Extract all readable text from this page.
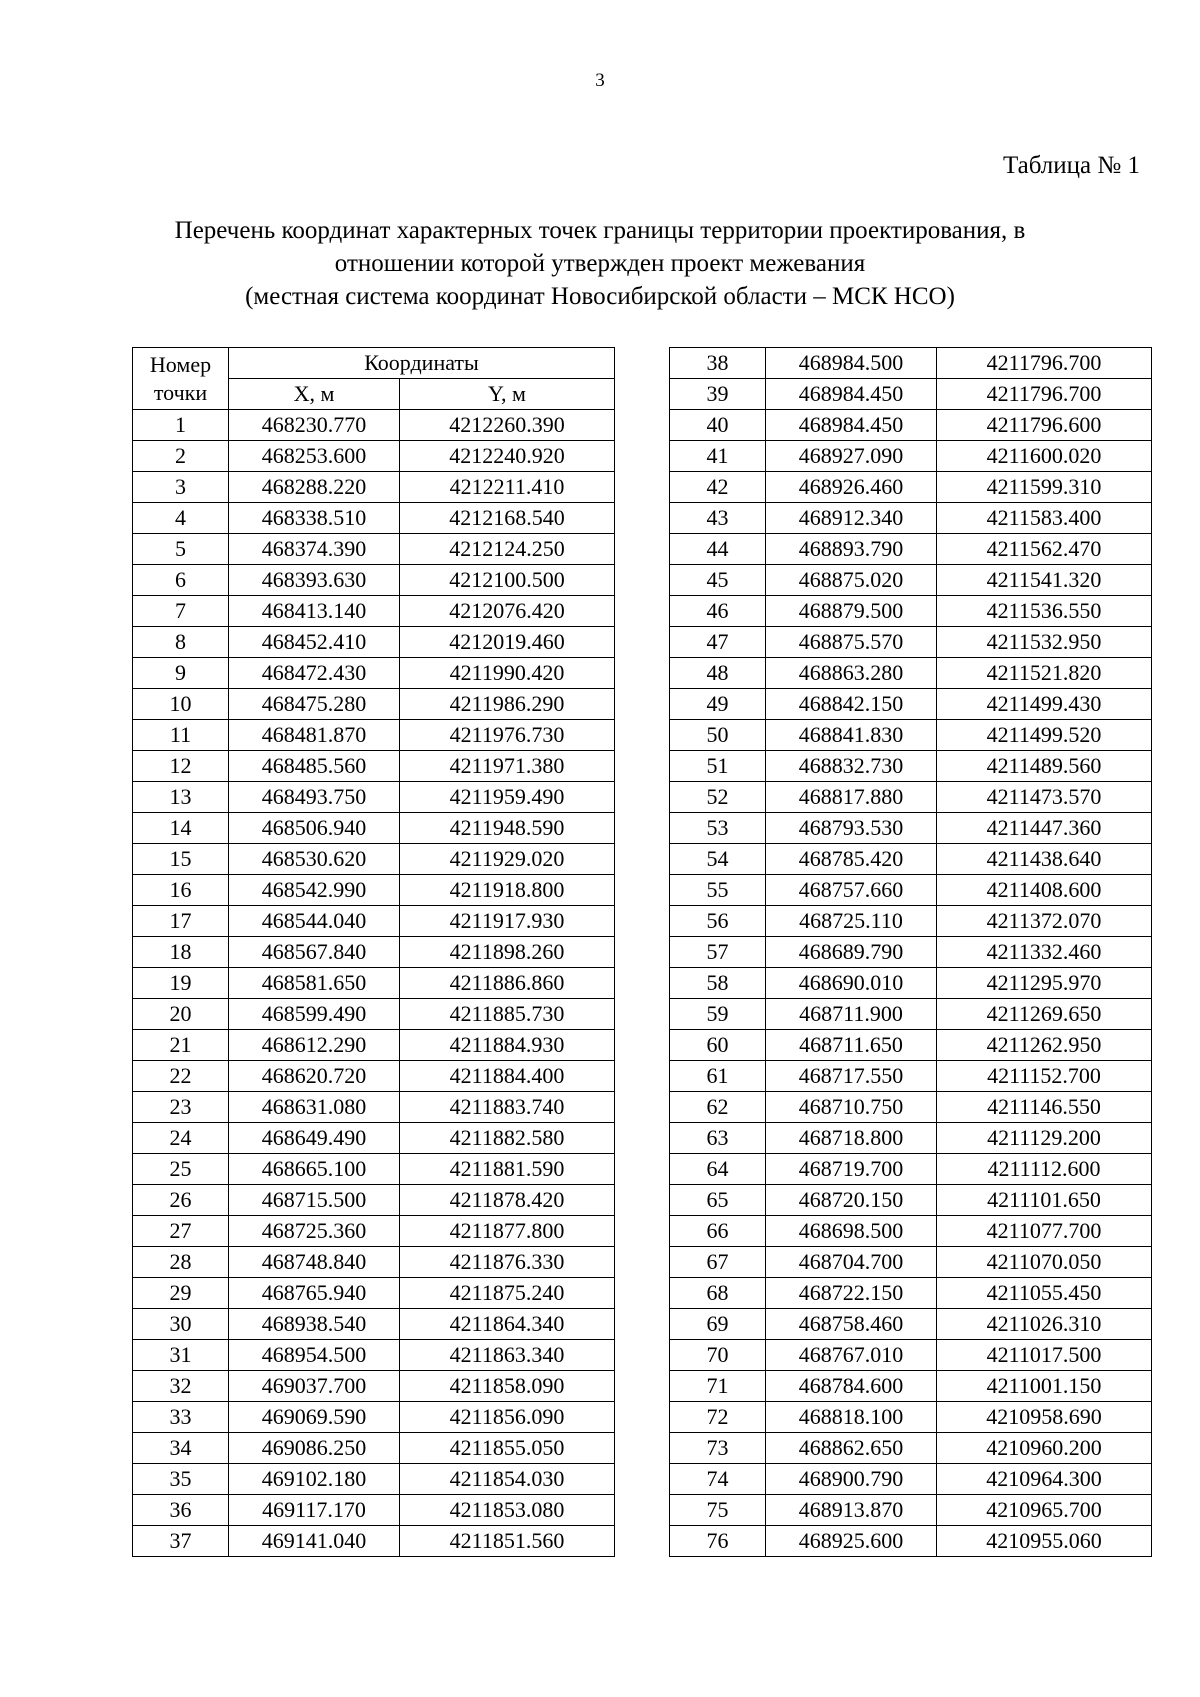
3
Таблица № 1
Перечень координат характерных точек границы территории проектирования, в
отношении которой утвержден проект межевания
(местная система координат Новосибирской области – МСК НСО)
Номер точки	Координаты	
	X, м	Y, м
1	468230.770	4212260.390
2	468253.600	4212240.920
3	468288.220	4212211.410
4	468338.510	4212168.540
5	468374.390	4212124.250
6	468393.630	4212100.500
7	468413.140	4212076.420
8	468452.410	4212019.460
9	468472.430	4211990.420
10	468475.280	4211986.290
11	468481.870	4211976.730
12	468485.560	4211971.380
13	468493.750	4211959.490
14	468506.940	4211948.590
15	468530.620	4211929.020
16	468542.990	4211918.800
17	468544.040	4211917.930
18	468567.840	4211898.260
19	468581.650	4211886.860
20	468599.490	4211885.730
21	468612.290	4211884.930
22	468620.720	4211884.400
23	468631.080	4211883.740
24	468649.490	4211882.580
25	468665.100	4211881.590
26	468715.500	4211878.420
27	468725.360	4211877.800
28	468748.840	4211876.330
29	468765.940	4211875.240
30	468938.540	4211864.340
31	468954.500	4211863.340
32	469037.700	4211858.090
33	469069.590	4211856.090
34	469086.250	4211855.050
35	469102.180	4211854.030
36	469117.170	4211853.080
37	469141.040	4211851.560
38	468984.500	4211796.700
39	468984.450	4211796.700
40	468984.450	4211796.600
41	468927.090	4211600.020
42	468926.460	4211599.310
43	468912.340	4211583.400
44	468893.790	4211562.470
45	468875.020	4211541.320
46	468879.500	4211536.550
47	468875.570	4211532.950
48	468863.280	4211521.820
49	468842.150	4211499.430
50	468841.830	4211499.520
51	468832.730	4211489.560
52	468817.880	4211473.570
53	468793.530	4211447.360
54	468785.420	4211438.640
55	468757.660	4211408.600
56	468725.110	4211372.070
57	468689.790	4211332.460
58	468690.010	4211295.970
59	468711.900	4211269.650
60	468711.650	4211262.950
61	468717.550	4211152.700
62	468710.750	4211146.550
63	468718.800	4211129.200
64	468719.700	4211112.600
65	468720.150	4211101.650
66	468698.500	4211077.700
67	468704.700	4211070.050
68	468722.150	4211055.450
69	468758.460	4211026.310
70	468767.010	4211017.500
71	468784.600	4211001.150
72	468818.100	4210958.690
73	468862.650	4210960.200
74	468900.790	4210964.300
75	468913.870	4210965.700
76	468925.600	4210955.060
